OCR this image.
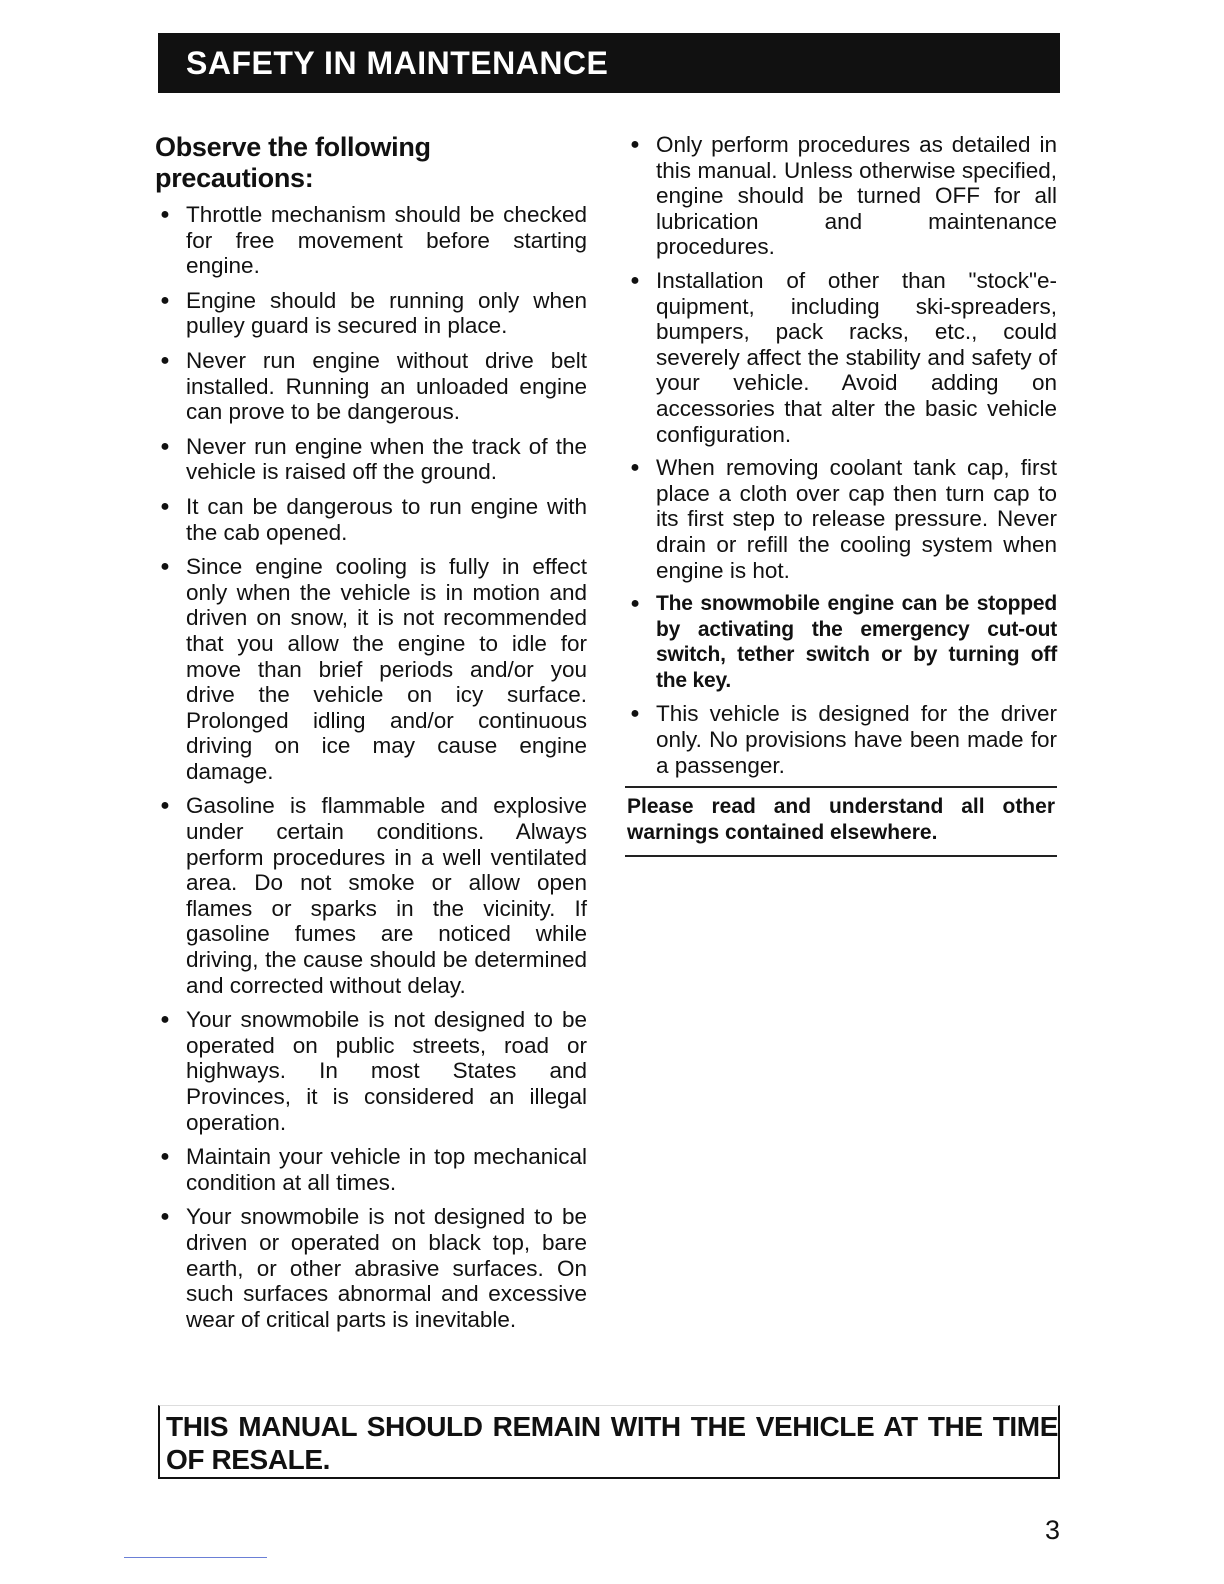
SAFETY IN MAINTENANCE
Observe the following precautions:
● Throttle mechanism should be checked for free movement before starting engine.
● Engine should be running only when pulley guard is secured in place.
● Never run engine without drive belt installed. Running an unloaded engine can prove to be dangerous.
● Never run engine when the track of the vehicle is raised off the ground.
● It can be dangerous to run engine with the cab opened.
● Since engine cooling is fully in effect only when the vehicle is in motion and driven on snow, it is not recommended that you allow the engine to idle for move than brief periods and/or you drive the vehicle on icy surface. Prolonged idling and/or continuous driving on ice may cause engine damage.
● Gasoline is flammable and explosive under certain conditions. Always perform procedures in a well ventilated area. Do not smoke or allow open flames or sparks in the vicinity. If gasoline fumes are noticed while driving, the cause should be determined and corrected without delay.
● Your snowmobile is not designed to be operated on public streets, road or highways. In most States and Provinces, it is considered an illegal operation.
● Maintain your vehicle in top mechanical condition at all times.
● Your snowmobile is not designed to be driven or operated on black top, bare earth, or other abrasive surfaces. On such surfaces abnormal and excessive wear of critical parts is inevitable.
● Only perform procedures as detailed in this manual. Unless otherwise specified, engine should be turned OFF for all lubrication and maintenance procedures.
● Installation of other than "stock"equipment, including ski-spreaders, bumpers, pack racks, etc., could severely affect the stability and safety of your vehicle. Avoid adding on accessories that alter the basic vehicle configuration.
● When removing coolant tank cap, first place a cloth over cap then turn cap to its first step to release pressure. Never drain or refill the cooling system when engine is hot.
● The snowmobile engine can be stopped by activating the emergency cut-out switch, tether switch or by turning off the key.
● This vehicle is designed for the driver only. No provisions have been made for a passenger.
Please read and understand all other warnings contained elsewhere.
THIS MANUAL SHOULD REMAIN WITH THE VEHICLE AT THE TIME OF RESALE.
3
